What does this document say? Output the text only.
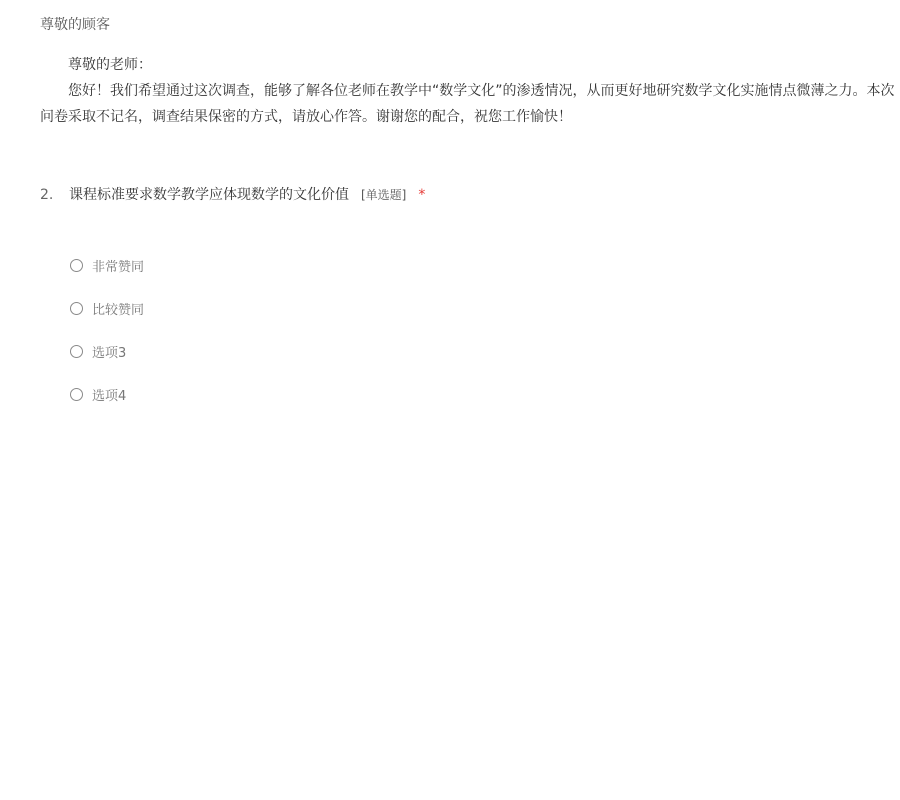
尊敬的顾客

尊敬的老师：

您好！我们希望通过这次调查，能够了解各位老师在教学中“数学文化”的渗透情况，从而更好地研究数学文化实施情点微薄之力。本次问卷采取不记名，调查结果保密的方式，请放心作答。谢谢您的配合，祝您工作愉快！

2. 课程标准要求数学教学应体现数学的文化价值 [单选题] *
非常赞同
比较赞同
选项3
选项4
